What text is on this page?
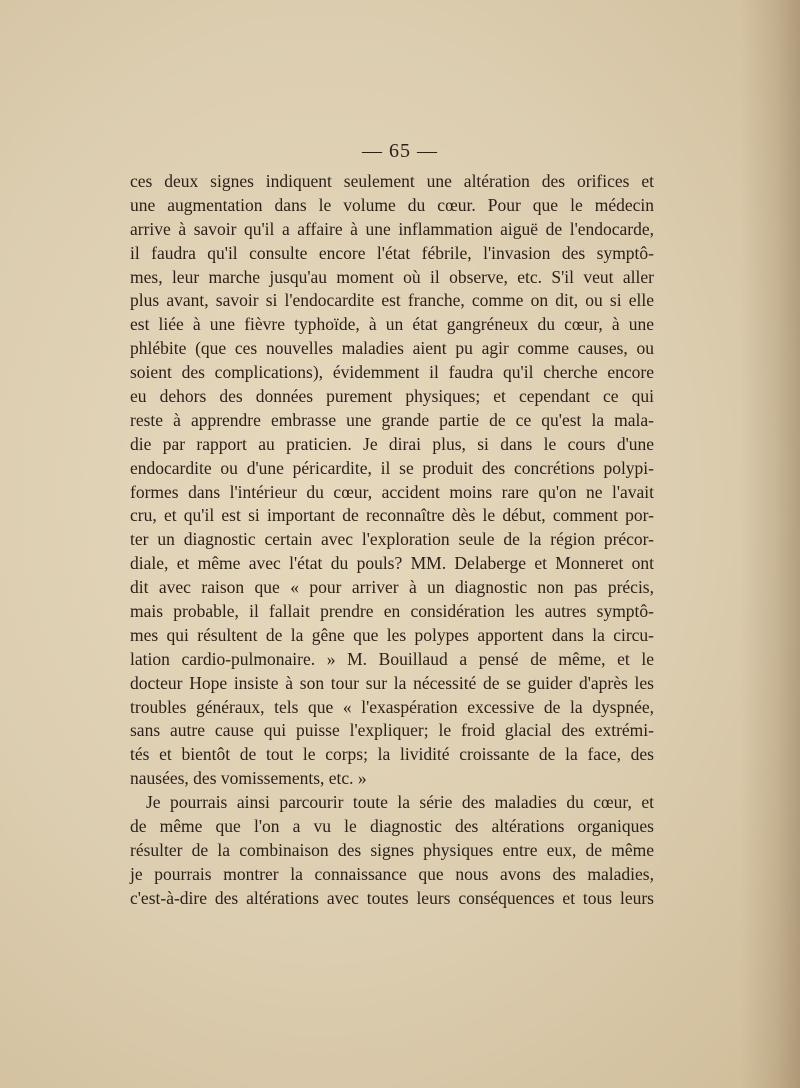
— 65 —
ces deux signes indiquent seulement une altération des orifices et
une augmentation dans le volume du cœur. Pour que le médecin
arrive à savoir qu'il a affaire à une inflammation aiguë de l'endocarde,
il faudra qu'il consulte encore l'état fébrile, l'invasion des symptô-
mes, leur marche jusqu'au moment où il observe, etc. S'il veut aller
plus avant, savoir si l'endocardite est franche, comme on dit, ou si elle
est liée à une fièvre typhoïde, à un état gangréneux du cœur, à une
phlébite (que ces nouvelles maladies aient pu agir comme causes, ou
soient des complications), évidemment il faudra qu'il cherche encore
eu dehors des données purement physiques; et cependant ce qui
reste à apprendre embrasse une grande partie de ce qu'est la mala-
die par rapport au praticien. Je dirai plus, si dans le cours d'une
endocardite ou d'une péricardite, il se produit des concrétions polypi-
formes dans l'intérieur du cœur, accident moins rare qu'on ne l'avait
cru, et qu'il est si important de reconnaître dès le début, comment por-
ter un diagnostic certain avec l'exploration seule de la région précor-
diale, et même avec l'état du pouls? MM. Delaberge et Monneret ont
dit avec raison que « pour arriver à un diagnostic non pas précis,
mais probable, il fallait prendre en considération les autres symptô-
mes qui résultent de la gêne que les polypes apportent dans la circu-
lation cardio-pulmonaire. » M. Bouillaud a pensé de même, et le
docteur Hope insiste à son tour sur la nécessité de se guider d'après les
troubles généraux, tels que « l'exaspération excessive de la dyspnée,
sans autre cause qui puisse l'expliquer; le froid glacial des extrémi-
tés et bientôt de tout le corps; la lividité croissante de la face, des
nausées, des vomissements, etc. »
Je pourrais ainsi parcourir toute la série des maladies du cœur, et
de même que l'on a vu le diagnostic des altérations organiques
résulter de la combinaison des signes physiques entre eux, de même
je pourrais montrer la connaissance que nous avons des maladies,
c'est-à-dire des altérations avec toutes leurs conséquences et tous leurs
